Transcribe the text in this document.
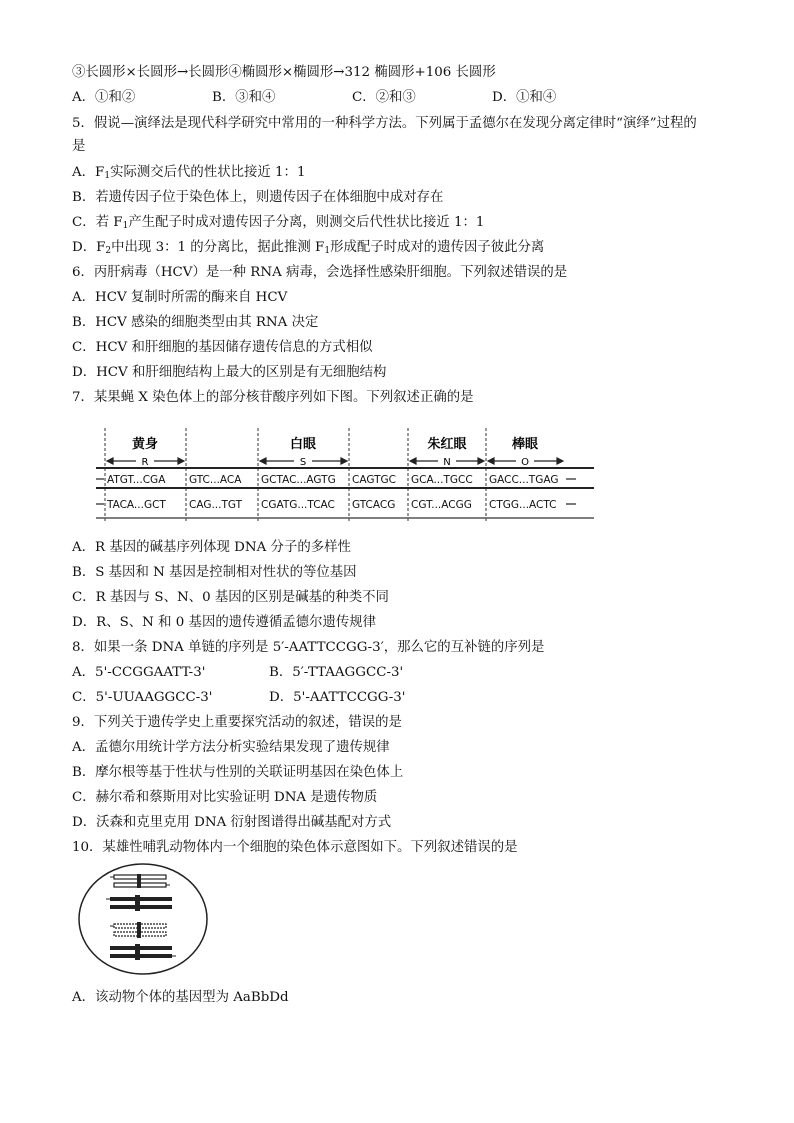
③长圆形×长圆形→长圆形④椭圆形×椭圆形→312 椭圆形+106 长圆形
A．①和②	B．③和④	C．②和③	D．①和④
5．假说—演绎法是现代科学研究中常用的一种科学方法。下列属于孟德尔在发现分离定律时“演绎”过程的
是
A．$F_1$实际测交后代的性状比接近 1：1
B．若遗传因子位于染色体上，则遗传因子在体细胞中成对存在
C．若 $F_1$产生配子时成对遗传因子分离，则测交后代性状比接近 1：1
D．$F_2$中出现 3：1 的分离比，据此推测 $F_1$形成配子时成对的遗传因子彼此分离
6．丙肝病毒（HCV）是一种 RNA 病毒，会选择性感染肝细胞。下列叙述错误的是
A．HCV 复制时所需的酶来自 HCV
B．HCV 感染的细胞类型由其 RNA 决定
C．HCV 和肝细胞的基因储存遗传信息的方式相似
D．HCV 和肝细胞结构上最大的区别是有无细胞结构
7．某果蝇 X 染色体上的部分核苷酸序列如下图。下列叙述正确的是
黄身	白眼	朱红眼	棒眼
R	S	N	O
ATGT...CGA GTC...ACA GCTAC...AGTG CAGTGC GCA...TGCC GACC...TGAG
TACA...GCT CAG...TGT CGATG...TCAC GTCACG CGT...ACGG CTGG...ACTC
A．R 基因的碱基序列体现 DNA 分子的多样性
B．S 基因和 N 基因是控制相对性状的等位基因
C．R 基因与 S、N、0 基因的区别是碱基的种类不同
D．R、S、N 和 0 基因的遗传遵循孟德尔遗传规律
8．如果一条 DNA 单链的序列是 5′-AATTCCGG-3′，那么它的互补链的序列是
A．5'-CCGGAATT-3'	B．5′-TTAAGGCC-3'
C．5'-UUAAGGCC-3'	D．5'-AATTCCGG-3'
9．下列关于遗传学史上重要探究活动的叙述，错误的是
A．孟德尔用统计学方法分析实验结果发现了遗传规律
B．摩尔根等基于性状与性别的关联证明基因在染色体上
C．赫尔希和蔡斯用对比实验证明 DNA 是遗传物质
D．沃森和克里克用 DNA 衍射图谱得出碱基配对方式
10．某雄性哺乳动物体内一个细胞的染色体示意图如下。下列叙述错误的是
A．该动物个体的基因型为 AaBbDd
